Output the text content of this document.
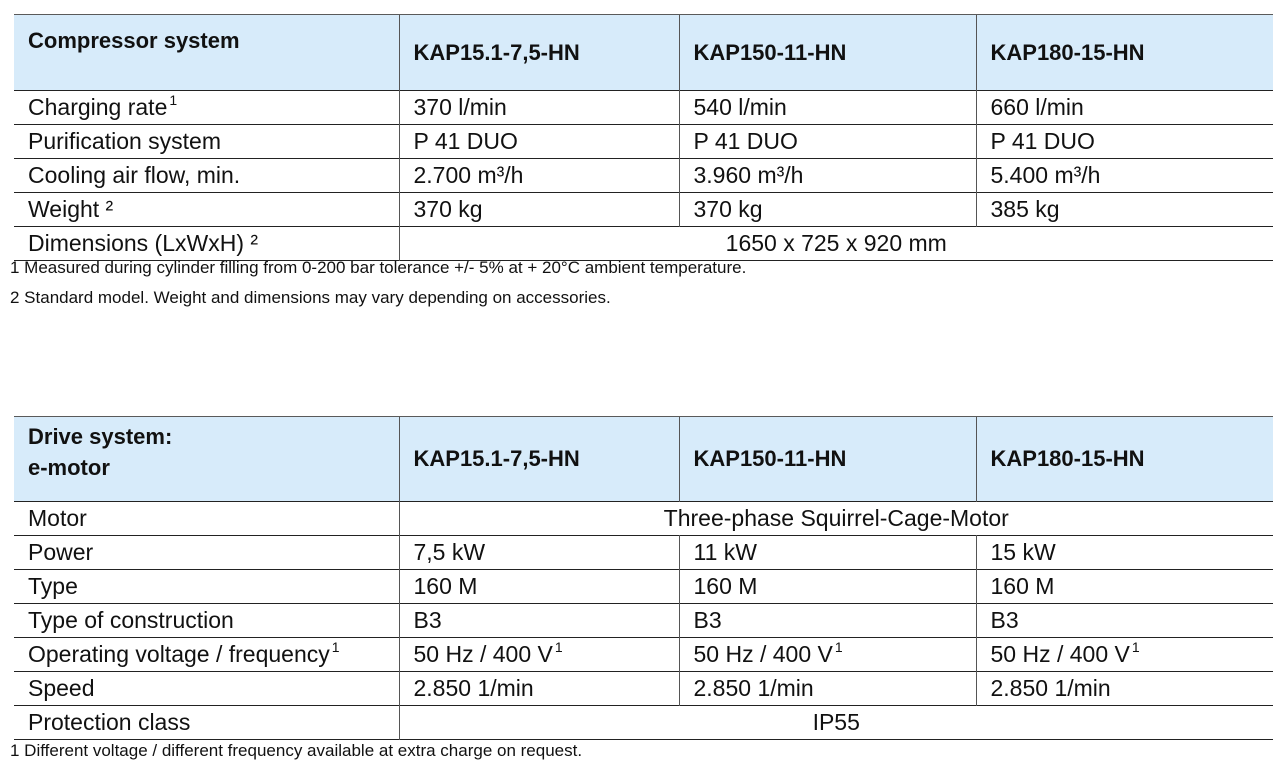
Compressor system	KAP15.1-7,5-HN	KAP150-11-HN	KAP180-15-HN
Charging rate $^1$	370 l/min	540 l/min	660 l/min
Purification system	P 41 DUO	P 41 DUO	P 41 DUO
Cooling air flow, min.	2.700 m³/h	3.960 m³/h	5.400 m³/h
Weight ²	370 kg	370 kg	385 kg
Dimensions (LxWxH) ²	1650 x 725 x 920 mm		
1 Measured during cylinder filling from 0-200 bar tolerance +/- 5% at + 20°C ambient temperature.
2 Standard model. Weight and dimensions may vary depending on accessories.
Drive system:
e-motor	KAP15.1-7,5-HN	KAP150-11-HN	KAP180-15-HN
Motor	Three-phase Squirrel-Cage-Motor		
Power	7,5 kW	11 kW	15 kW
Type	160 M	160 M	160 M
Type of construction	B3	B3	B3
Operating voltage / frequency $^1$	50 Hz / 400 V $^1$	50 Hz / 400 V $^1$	50 Hz / 400 V $^1$
Speed	2.850 1/min	2.850 1/min	2.850 1/min
Protection class	IP55		
1 Different voltage / different frequency available at extra charge on request.
